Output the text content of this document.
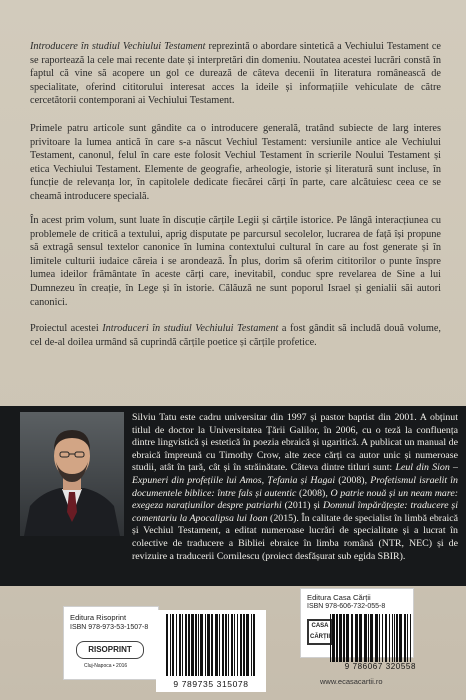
Introducere în studiul Vechiului Testament reprezintă o abordare sintetică a Vechiului Testament ce se raportează la cele mai recente date și interpretări din domeniu. Noutatea acestei lucrări constă în faptul că vine să acopere un gol ce durează de câteva decenii în literatura românească de specialitate, oferind cititorului interesat acces la ideile și informațiile vehiculate de către cercetătorii contemporani ai Vechiului Testament.

Primele patru articole sunt gândite ca o introducere generală, tratând subiecte de larg interes privitoare la lumea antică în care s-a născut Vechiul Testament: versiunile antice ale Vechiului Testament, canonul, felul în care este folosit Vechiul Testament în scrierile Noului Testament și etica Vechiului Testament. Elemente de geografie, arheologie, istorie și literatură sunt incluse, în funcție de relevanța lor, în capitolele dedicate fiecărei cărți în parte, care alcătuiesc ceea ce se cheamă introducere specială.

În acest prim volum, sunt luate în discuție cărțile Legii și cărțile istorice. Pe lângă interacțiunea cu problemele de critică a textului, aprig disputate pe parcursul secolelor, lucrarea de față își propune să extragă sensul textelor canonice în lumina contextului cultural în care au fost generate și în limitele culturii iudaice căreia i se arondează. În plus, dorim să oferim cititorilor o punte înspre lumea ideilor frământate în aceste cărți care, inevitabil, conduc spre revelarea de Sine a lui Dumnezeu în creație, în Lege și în istorie. Călăuză ne sunt poporul Israel și genialii săi autori canonici.

Proiectul acestei Introduceri în studiul Vechiului Testament a fost gândit să includă două volume, cel de-al doilea urmând să cuprindă cărțile poetice și cărțile profetice.

Silviu Tatu este cadru universitar din 1997 și pastor baptist din 2001. A obținut titlul de doctor la Universitatea Țării Galilor, în 2006, cu o teză la confluența dintre lingvistică și estetică în poezia ebraică și ugaritică. A publicat un manual de ebraică împreună cu Timothy Crow, alte zece cărți ca autor unic și numeroase studii, atât în țară, cât și în străinătate. Câteva dintre titluri sunt: Leul din Sion – Expuneri din profețiile lui Amos, Țefania și Hagai (2008), Profetismul israelit în documentele biblice: între fals și autentic (2008), O patrie nouă și un neam mare: exegeza narațiunilor despre patriarhi (2011) și Domnul împărățește: traducere și comentariu la Apocalipsa lui Ioan (2015). În calitate de specialist în limbă ebraică și Vechiul Testament, a editat numeroase lucrări de specialitate și a lucrat în colective de traducere a Bibliei ebraice în limba română (NTR, NEC) și de revizuire a traducerii Cornilescu (proiect desfășurat sub egida SBIR).

Editura Risoprint
ISBN 978-973-53-1507-8
RISOPRINT
Cluj-Napoca • 2016
9 789735 315078
Editura Casa Cărții
ISBN 978-606-732-055-8
CASA
CĂRȚII
9 786067 320558
www.ecasacartii.ro
